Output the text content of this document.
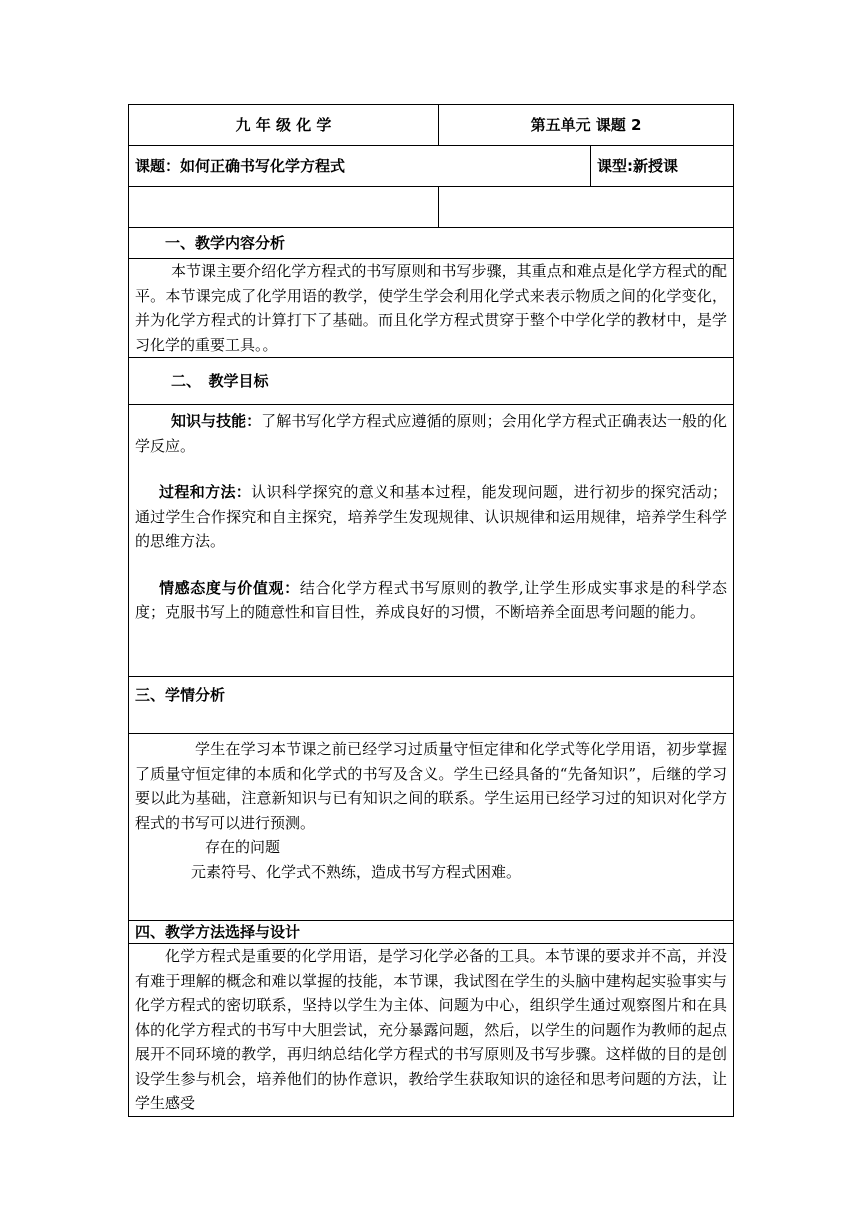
九 年 级 化 学	第五单元 课题 2	
课题：如何正确书写化学方程式		课型:新授课

一、教学内容分析		

本节课主要介绍化学方程式的书写原则和书写步骤，其重点和难点是化学方程式的配平。本节课完成了化学用语的教学，使学生学会利用化学式来表示物质之间的化学变化，并为化学方程式的计算打下了基础。而且化学方程式贯穿于整个中学化学的教材中，是学习化学的重要工具。。		

二、　教学目标		

知识与技能：了解书写化学方程式应遵循的原则；会用化学方程式正确表达一般的化学反应。

过程和方法：认识科学探究的意义和基本过程，能发现问题，进行初步的探究活动；通过学生合作探究和自主探究，培养学生发现规律、认识规律和运用规律，培养学生科学的思维方法。

情感态度与价值观：结合化学方程式书写原则的教学,让学生形成实事求是的科学态度；克服书写上的随意性和盲目性，养成良好的习惯，不断培养全面思考问题的能力。		

三、学情分析		

学生在学习本节课之前已经学习过质量守恒定律和化学式等化学用语，初步掌握了质量守恒定律的本质和化学式的书写及含义。学生已经具备的“先备知识”，后继的学习要以此为基础，注意新知识与已有知识之间的联系。学生运用已经学习过的知识对化学方程式的书写可以进行预测。

存在的问题

元素符号、化学式不熟练，造成书写方程式困难。		

四、教学方法选择与设计		

化学方程式是重要的化学用语，是学习化学必备的工具。本节课的要求并不高，并没有难于理解的概念和难以掌握的技能，本节课，我试图在学生的头脑中建构起实验事实与化学方程式的密切联系，坚持以学生为主体、问题为中心，组织学生通过观察图片和在具体的化学方程式的书写中大胆尝试，充分暴露问题，然后，以学生的问题作为教师的起点展开不同环境的教学，再归纳总结化学方程式的书写原则及书写步骤。这样做的目的是创设学生参与机会，培养他们的协作意识，教给学生获取知识的途径和思考问题的方法，让学生感受		
